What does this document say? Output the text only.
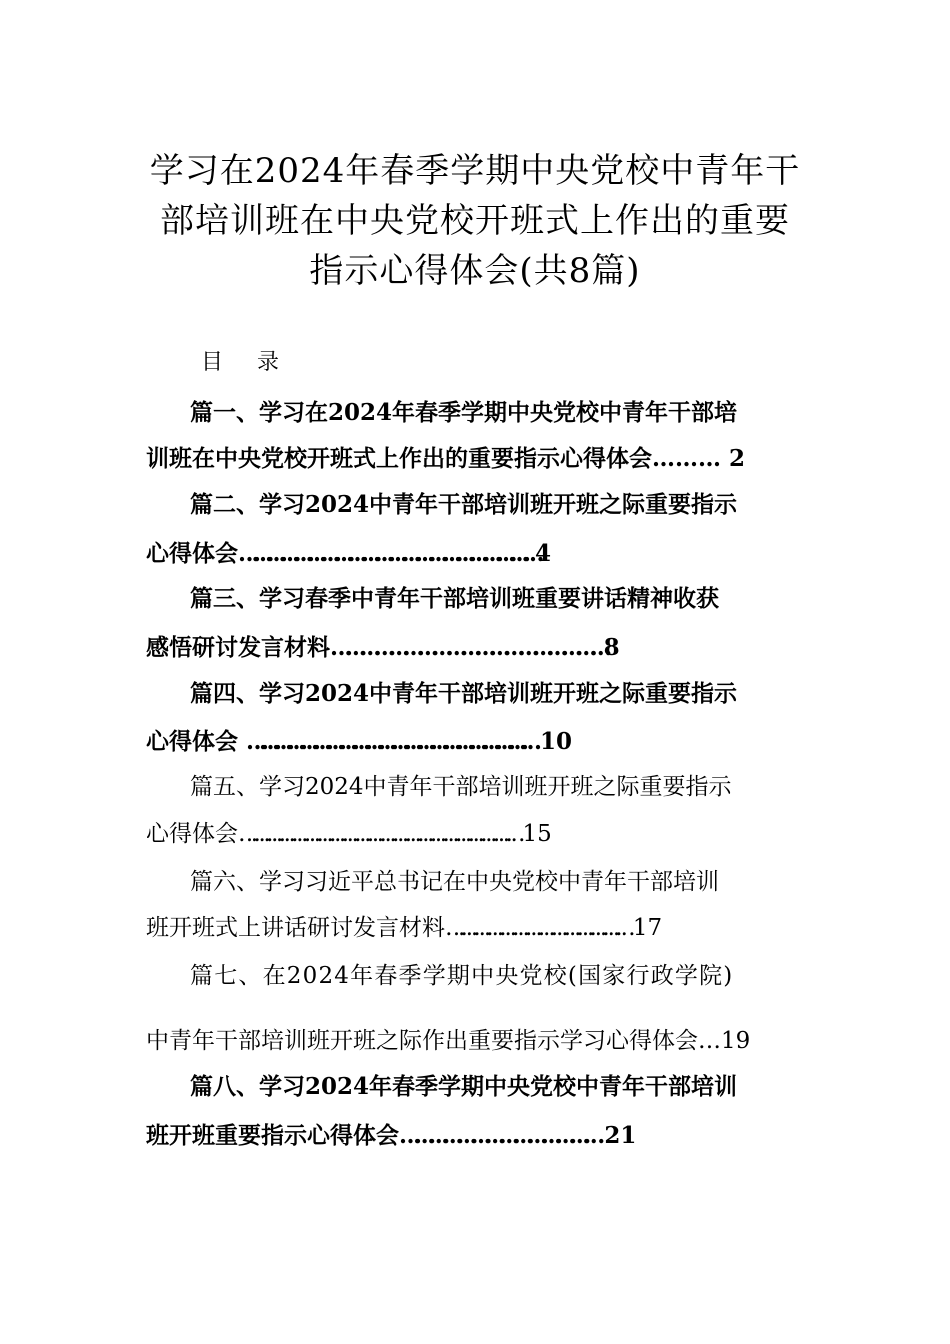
学习在2024年春季学期中央党校中青年干
部培训班在中央党校开班式上作出的重要
指示心得体会(共8篇)
目 录
篇一、学习在2024年春季学期中央党校中青年干部培
训班在中央党校开班式上作出的重要指示心得体会……… 2
篇二、学习2024中青年干部培训班开班之际重要指示
心得体会…………………………………………………………4
篇三、学习春季中青年干部培训班重要讲话精神收获
感悟研讨发言材料…………………………………………………8
篇四、学习2024中青年干部培训班开班之际重要指示
心得体会 ………………………………………………………… 10
篇五、学习2024中青年干部培训班开班之际重要指示
心得体会………………………………………………………… 15
篇六、学习习近平总书记在中央党校中青年干部培训
班开班式上讲话研讨发言材料…………………………………… 17
篇七、在2024年春季学期中央党校(国家行政学院)
中青年干部培训班开班之际作出重要指示学习心得体会…19
篇八、学习2024年春季学期中央党校中青年干部培训
班开班重要指示心得体会…………………………………… 21
